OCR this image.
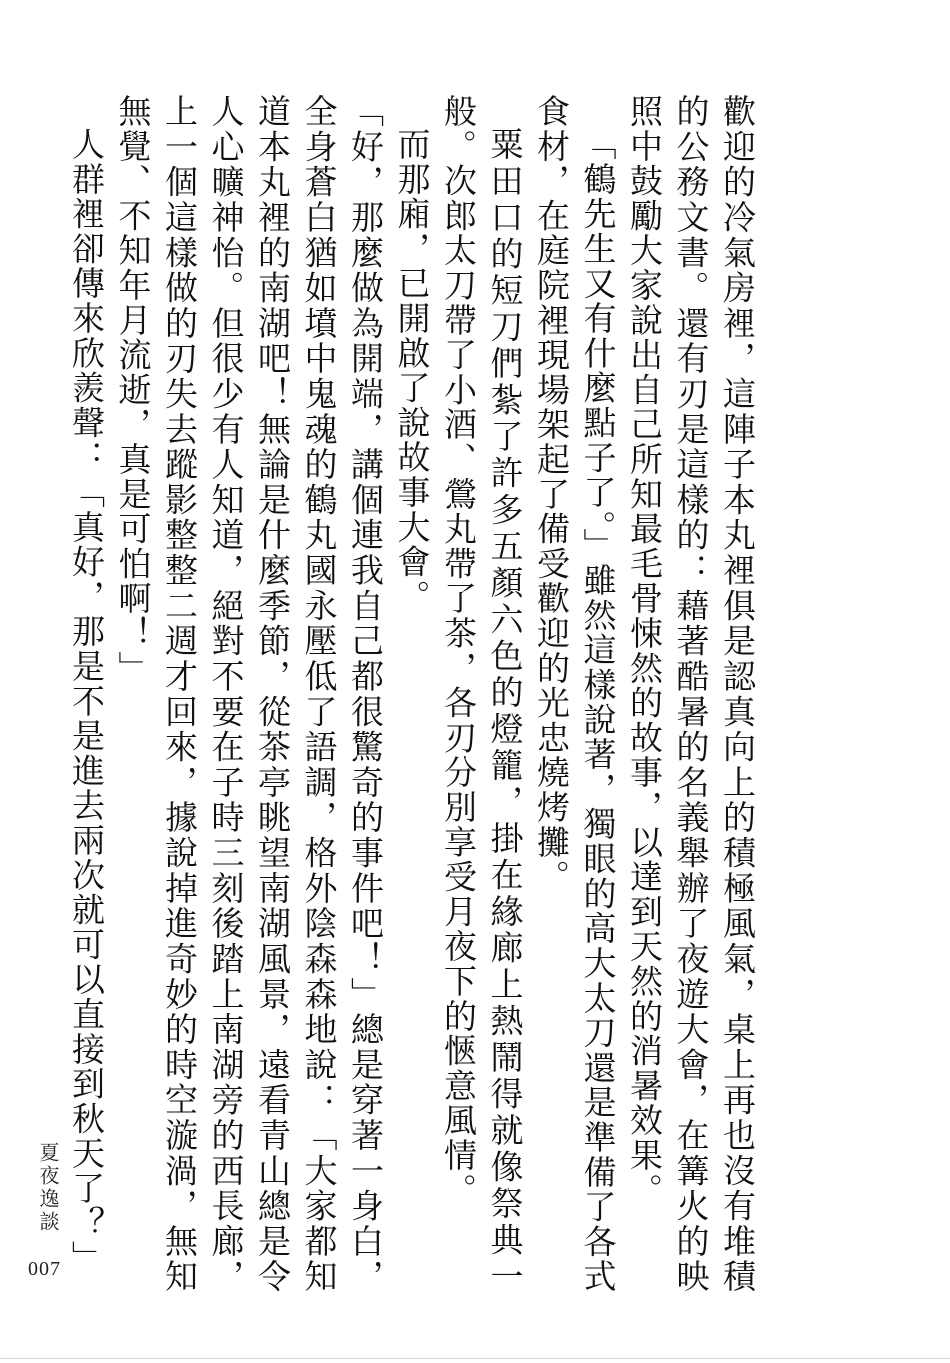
歡迎的冷氣房裡，這陣子本丸裡俱是認真向上的積極風氣，桌上再也沒有堆積的公務文書。還有刃是這樣的：藉著酷暑的名義舉辦了夜遊大會，在篝火的映照中鼓勵大家說出自己所知最毛骨悚然的故事，以達到天然的消暑效果。

「鶴先生又有什麼點子了。」雖然這樣說著，獨眼的高大太刀還是準備了各式食材，在庭院裡現場架起了備受歡迎的光忠燒烤攤。

粟田口的短刀們紮了許多五顏六色的燈籠，掛在緣廊上熱鬧得就像祭典一般。次郎太刀帶了小酒、鶯丸帶了茶，各刃分別享受月夜下的愜意風情。

而那廂，已開啟了說故事大會。

「好，那麼做為開端，講個連我自己都很驚奇的事件吧！」總是穿著一身白，全身蒼白猶如墳中鬼魂的鶴丸國永壓低了語調，格外陰森森地說：「大家都知道本丸裡的南湖吧！無論是什麼季節，從茶亭眺望南湖風景，遠看青山總是令人心曠神怡。但很少有人知道，絕對不要在子時三刻後踏上南湖旁的西長廊，上一個這樣做的刃失去蹤影整整二週才回來，據說掉進奇妙的時空漩渦，無知無覺、不知年月流逝，真是可怕啊！」

人群裡卻傳來欣羨聲：「真好，那是不是進去兩次就可以直接到秋天了？」

夏夜逸談
007
